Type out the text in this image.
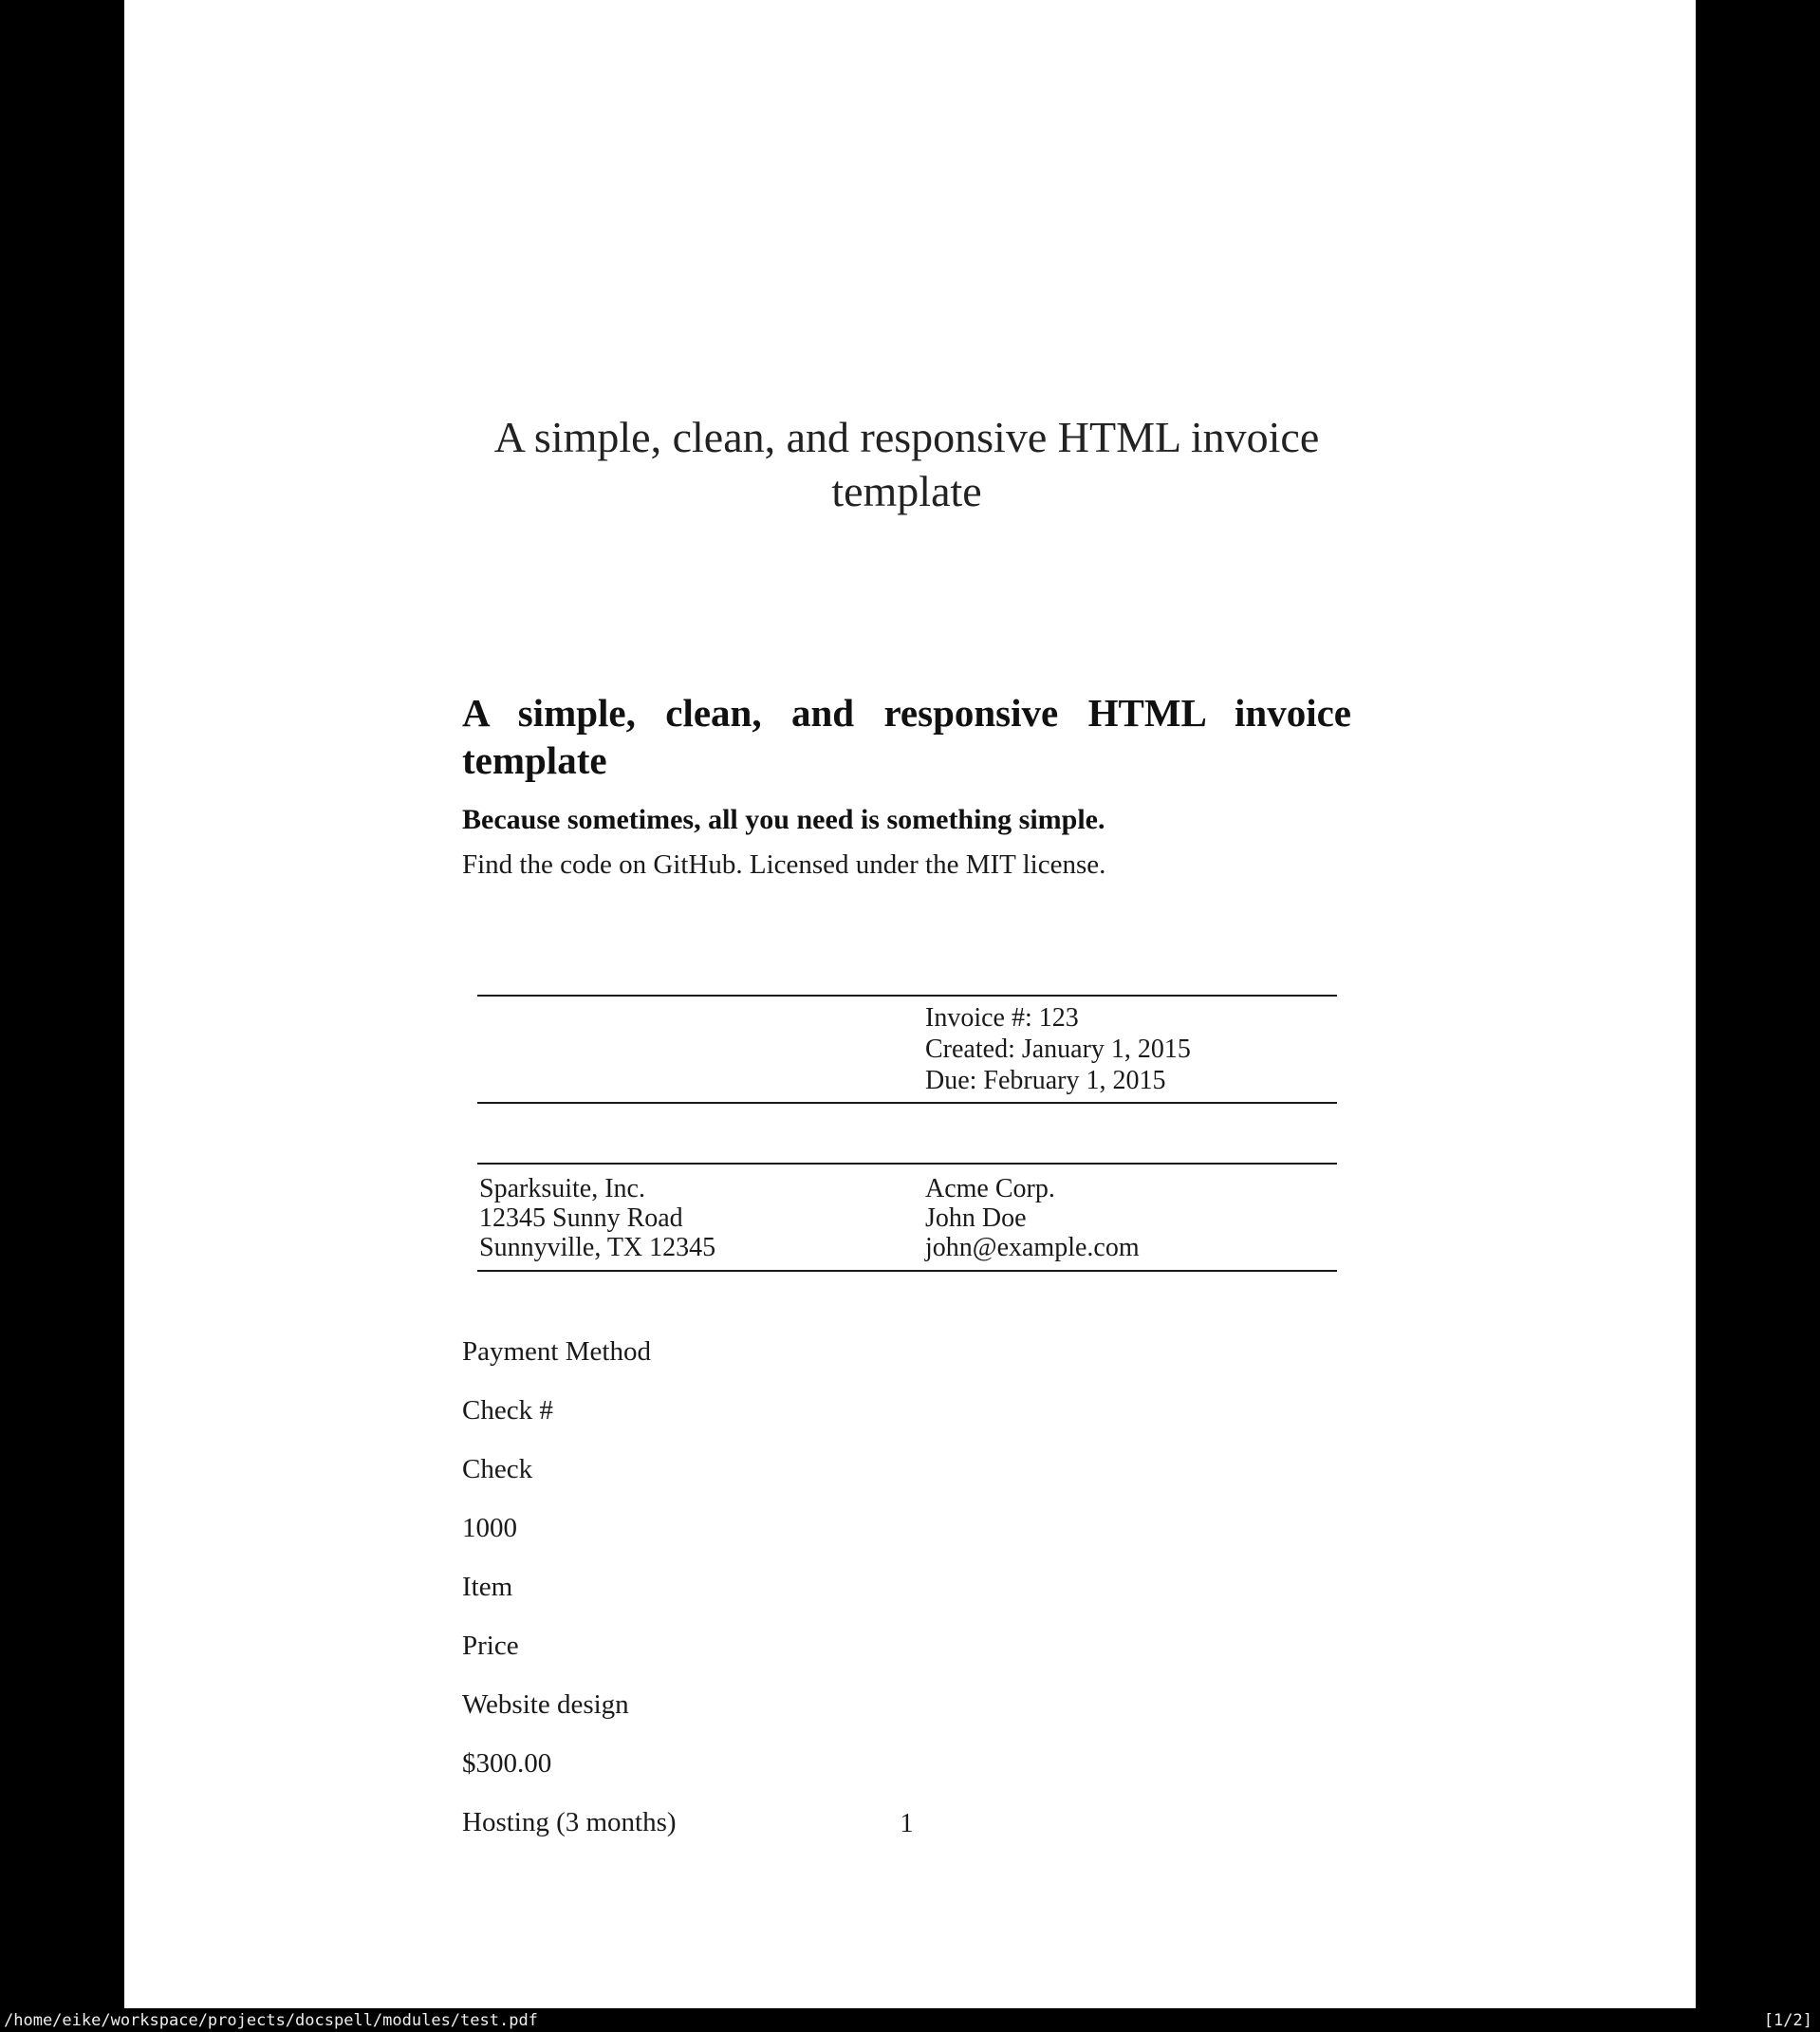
A simple, clean, and responsive HTML invoice
template
A simple, clean, and responsive HTML invoice
template

Because sometimes, all you need is something simple.

Find the code on GitHub. Licensed under the MIT license.

Invoice #: 123
Created: January 1, 2015
Due: February 1, 2015
Sparksuite, Inc.
12345 Sunny Road
Sunnyville, TX 12345
Acme Corp.
John Doe
john@example.com
Payment Method
Check #
Check
1000
Item
Price
Website design
$300.00
Hosting (3 months)	1
/home/eike/workspace/projects/docspell/modules/test.pdf	[1/2]
